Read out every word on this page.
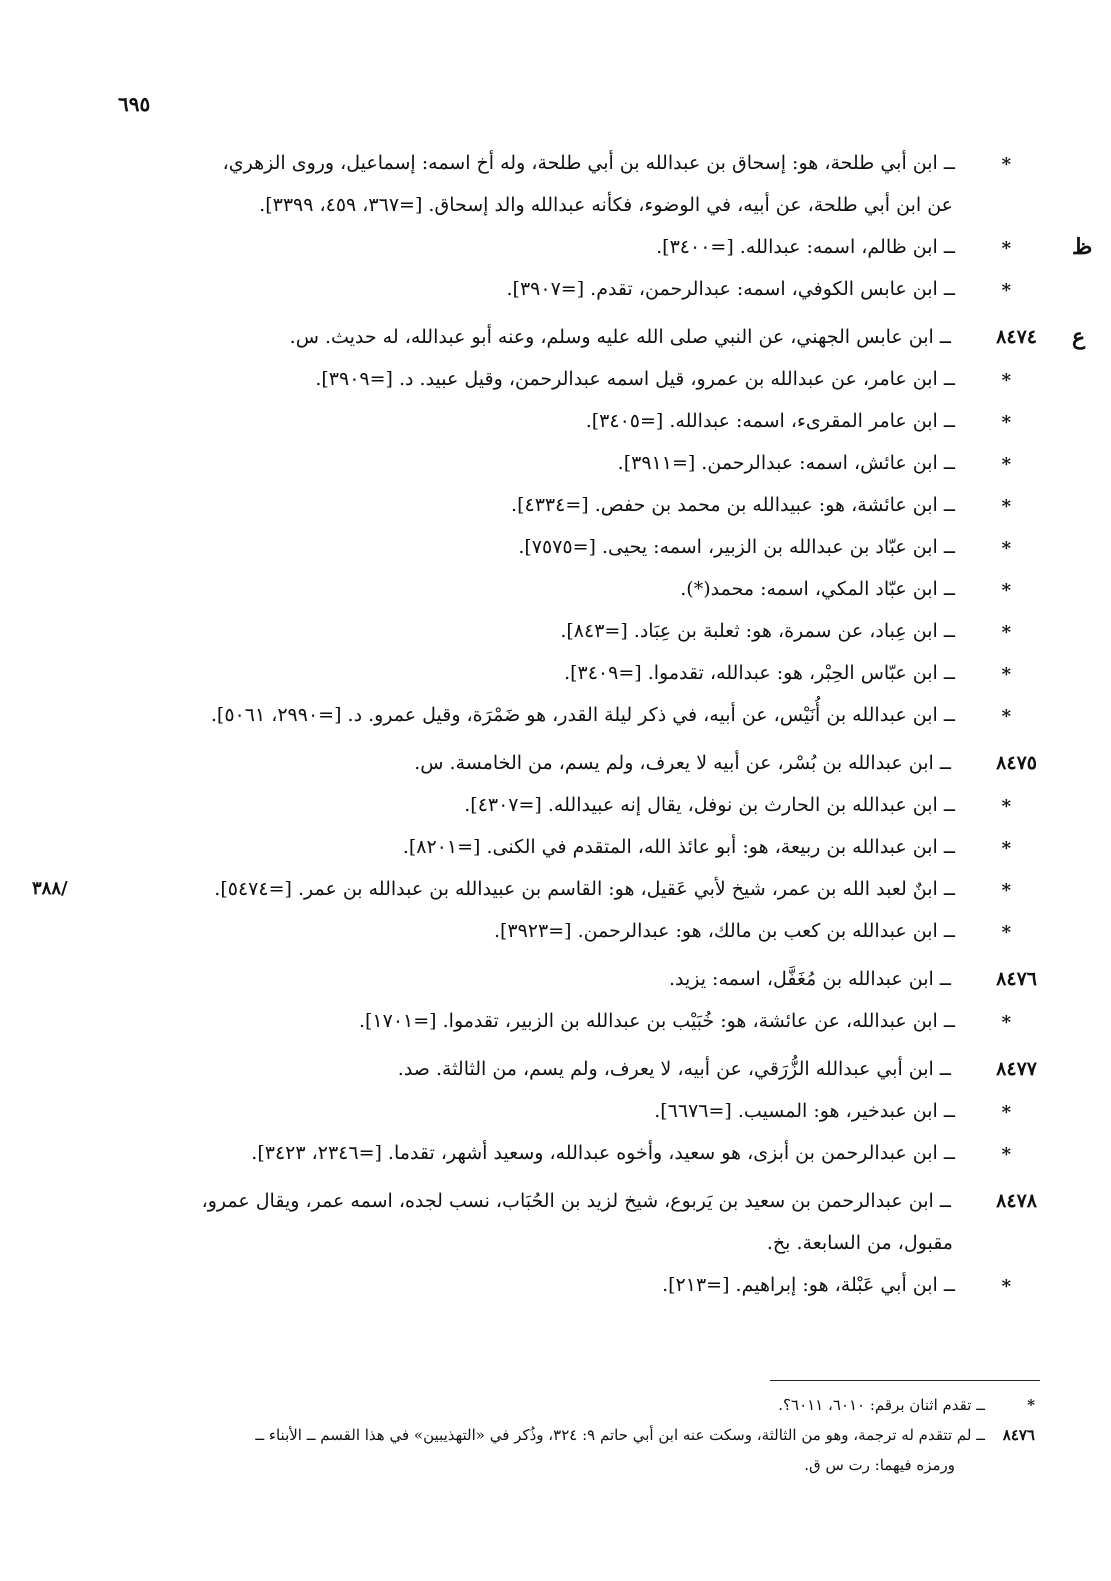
٦٩٥
*
ــ ابن أبي طلحة، هو: إسحاق بن عبدالله بن أبي طلحة، وله أخ اسمه: إسماعيل، وروى الزهري،
عن ابن أبي طلحة، عن أبيه، في الوضوء، فكأنه عبدالله والد إسحاق. [=٣٦٧، ٤٥٩، ٣٣٩٩].
*
ــ ابن ظالم، اسمه: عبدالله. [=٣٤٠٠].	ظ
*
ــ ابن عابس الكوفي، اسمه: عبدالرحمن، تقدم. [=٣٩٠٧].
٨٤٧٤
ــ ابن عابس الجهني، عن النبي صلى الله عليه وسلم، وعنه أبو عبدالله، له حديث. س.	ع
*
ــ ابن عامر، عن عبدالله بن عمرو، قيل اسمه عبدالرحمن، وقيل عبيد. د. [=٣٩٠٩].
*
ــ ابن عامر المقرىء، اسمه: عبدالله. [=٣٤٠٥].
*
ــ ابن عائش، اسمه: عبدالرحمن. [=٣٩١١].
*
ــ ابن عائشة، هو: عبيدالله بن محمد بن حفص. [=٤٣٣٤].
*
ــ ابن عبّاد بن عبدالله بن الزبير، اسمه: يحيى. [=٧٥٧٥].
*
ــ ابن عبّاد المكي، اسمه: محمد(*).
*
ــ ابن عِباد، عن سمرة، هو: ثعلبة بن عِبَاد. [=٨٤٣].
*
ــ ابن عبّاس الحِبْر، هو: عبدالله، تقدموا. [=٣٤٠٩].
*
ــ ابن عبدالله بن أُنَيْس، عن أبيه، في ذكر ليلة القدر، هو ضَمْرَة، وقيل عمرو. د. [=٢٩٩٠، ٥٠٦١].
٨٤٧٥
ــ ابن عبدالله بن بُسْر، عن أبيه لا يعرف، ولم يسم، من الخامسة. س.
*
ــ ابن عبدالله بن الحارث بن نوفل، يقال إنه عبيدالله. [=٤٣٠٧].
*
ــ ابن عبدالله بن ربيعة، هو: أبو عائذ الله، المتقدم في الكنى. [=٨٢٠١].
*
ــ ابنٌ لعبد الله بن عمر، شيخ لأبي عَقيل، هو: القاسم بن عبيدالله بن عبدالله بن عمر. [=٥٤٧٤].
/٣٨٨
*
ــ ابن عبدالله بن كعب بن مالك، هو: عبدالرحمن. [=٣٩٢٣].
٨٤٧٦
ــ ابن عبدالله بن مُغَفَّل، اسمه: يزيد.
*
ــ ابن عبدالله، عن عائشة، هو: خُبَيْب بن عبدالله بن الزبير، تقدموا. [=١٧٠١].
٨٤٧٧
ــ ابن أبي عبدالله الزُّرَقي، عن أبيه، لا يعرف، ولم يسم، من الثالثة. صد.
*
ــ ابن عبدخير، هو: المسيب. [=٦٦٧٦].
*
ــ ابن عبدالرحمن بن أبزى، هو سعيد، وأخوه عبدالله، وسعيد أشهر، تقدما. [=٢٣٤٦، ٣٤٢٣].
٨٤٧٨
ــ ابن عبدالرحمن بن سعيد بن يَربوع، شيخ لزيد بن الحُبَاب، نسب لجده، اسمه عمر، ويقال عمرو،
مقبول، من السابعة. بخ.
*
ــ ابن أبي عَبْلة، هو: إبراهيم. [=٢١٣].
*
ــ تقدم اثنان برقم: ٦٠١٠، ٦٠١١؟.
٨٤٧٦
ــ لم تتقدم له ترجمة، وهو من الثالثة، وسكت عنه ابن أبي حاتم ٩: ٣٢٤، وذُكر في «التهذيبين» في هذا القسم ــ الأبناء ــ
ورمزه فيهما: رت س ق.
